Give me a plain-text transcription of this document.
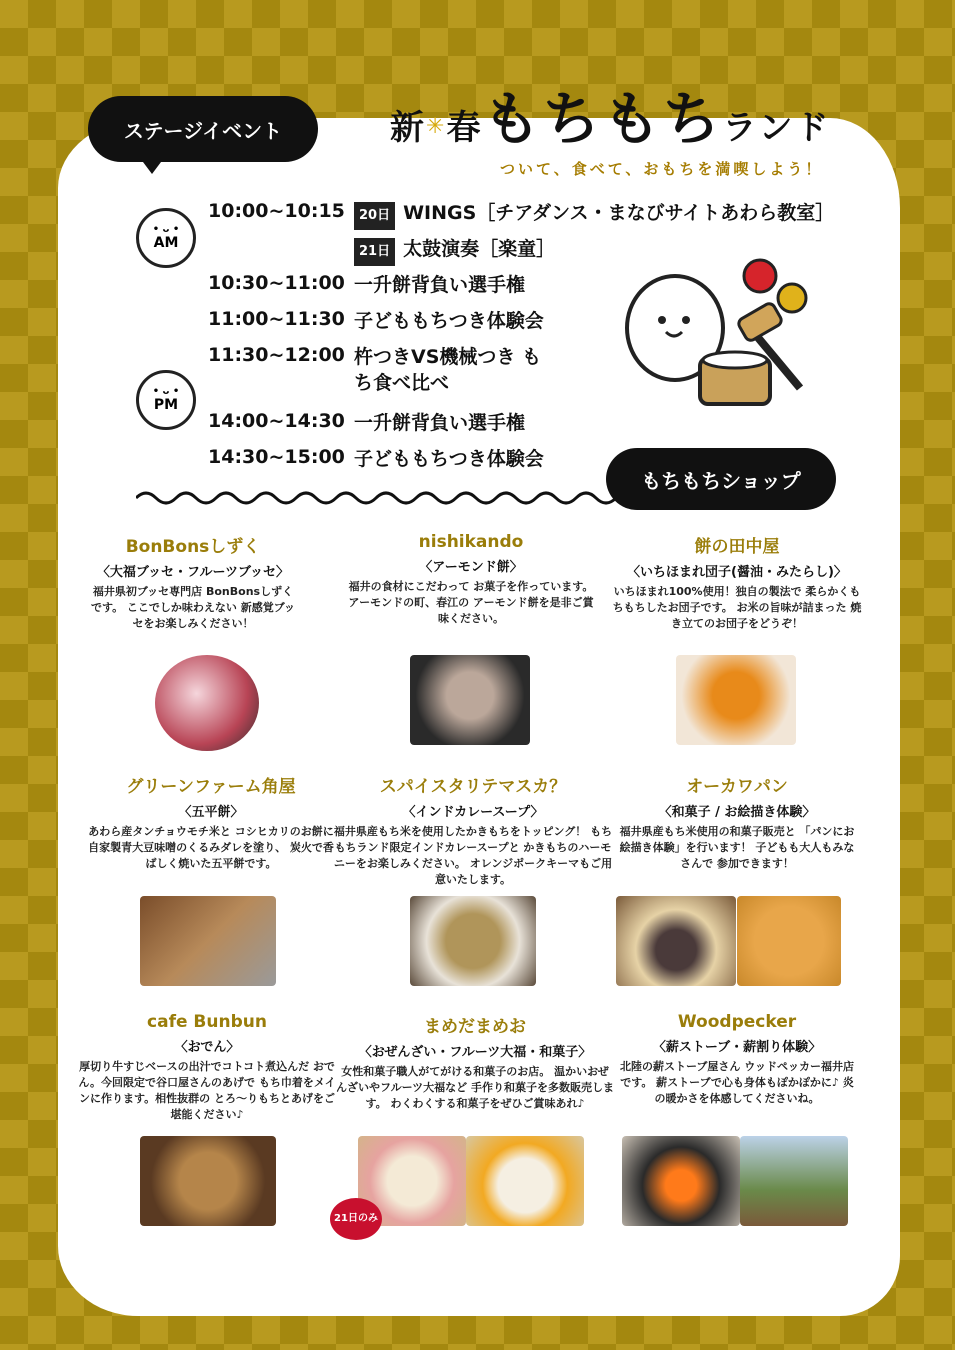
ステージイベント	新✳春もちもちランド
ついて、食べて、おもちを満喫しよう！
• ᴗ •
AM
• ᴗ •
PM
10:00~10:15	20日 WINGS［チアダンス・まなびサイトあわら教室］
21日 太鼓演奏［楽童］
10:30~11:00 一升餅背負い選手権
11:00~11:30 子どももちつき体験会
11:30~12:00 杵つきVS機械つき もち食べ比べ
14:00~14:30 一升餅背負い選手権
14:30~15:00 子どももちつき体験会
もちもちショップ
BonBonsしずく
〈大福ブッセ・フルーツブッセ〉
福井県初ブッセ専門店 BonBonsしずくです。 ここでしか味わえない 新感覚ブッセをお楽しみください！
nishikando
〈アーモンド餅〉
福井の食材にこだわって お菓子を作っています。 アーモンドの町、春江の アーモンド餅を是非ご賞味ください。
餅の田中屋
〈いちほまれ団子(醤油・みたらし)〉
いちほまれ100%使用！独自の製法で 柔らかくもちもちしたお団子です。 お米の旨味が詰まった 焼き立てのお団子をどうぞ！
グリーンファーム角屋
〈五平餅〉
あわら産タンチョウモチ米と コシヒカリのお餅に 自家製青大豆味噌のくるみダレを塗り、 炭火で香ばしく焼いた五平餅です。
スパイスタリテマスカ？
〈インドカレースープ〉
福井県産もち米を使用したかきもちをトッピング！ もちもちランド限定インドカレースープと かきもちのハーモニーをお楽しみください。 オレンジポークキーマもご用意いたします。
オーカワパン
〈和菓子 / お絵描き体験〉
福井県産もち米使用の和菓子販売と 「パンにお絵描き体験」を行います！ 子どもも大人もみなさんで 参加できます！
cafe Bunbun
〈おでん〉
厚切り牛すじベースの出汁でコトコト煮込んだ おでん。今回限定で谷口屋さんのあげで もち巾着をメインに作ります。相性抜群の とろ〜りもちとあげをご堪能ください♪
まめだまめお
〈おぜんざい・フルーツ大福・和菓子〉
女性和菓子職人がてがける和菓子のお店。 温かいおぜんざいやフルーツ大福など 手作り和菓子を多数販売します。 わくわくする和菓子をぜひご賞味あれ♪
Woodpecker
〈薪ストーブ・薪割り体験〉
北陸の薪ストーブ屋さん ウッドペッカー福井店です。 薪ストーブで心も身体もぽかぽかに♪ 炎の暖かさを体感してくださいね。
21日のみ
